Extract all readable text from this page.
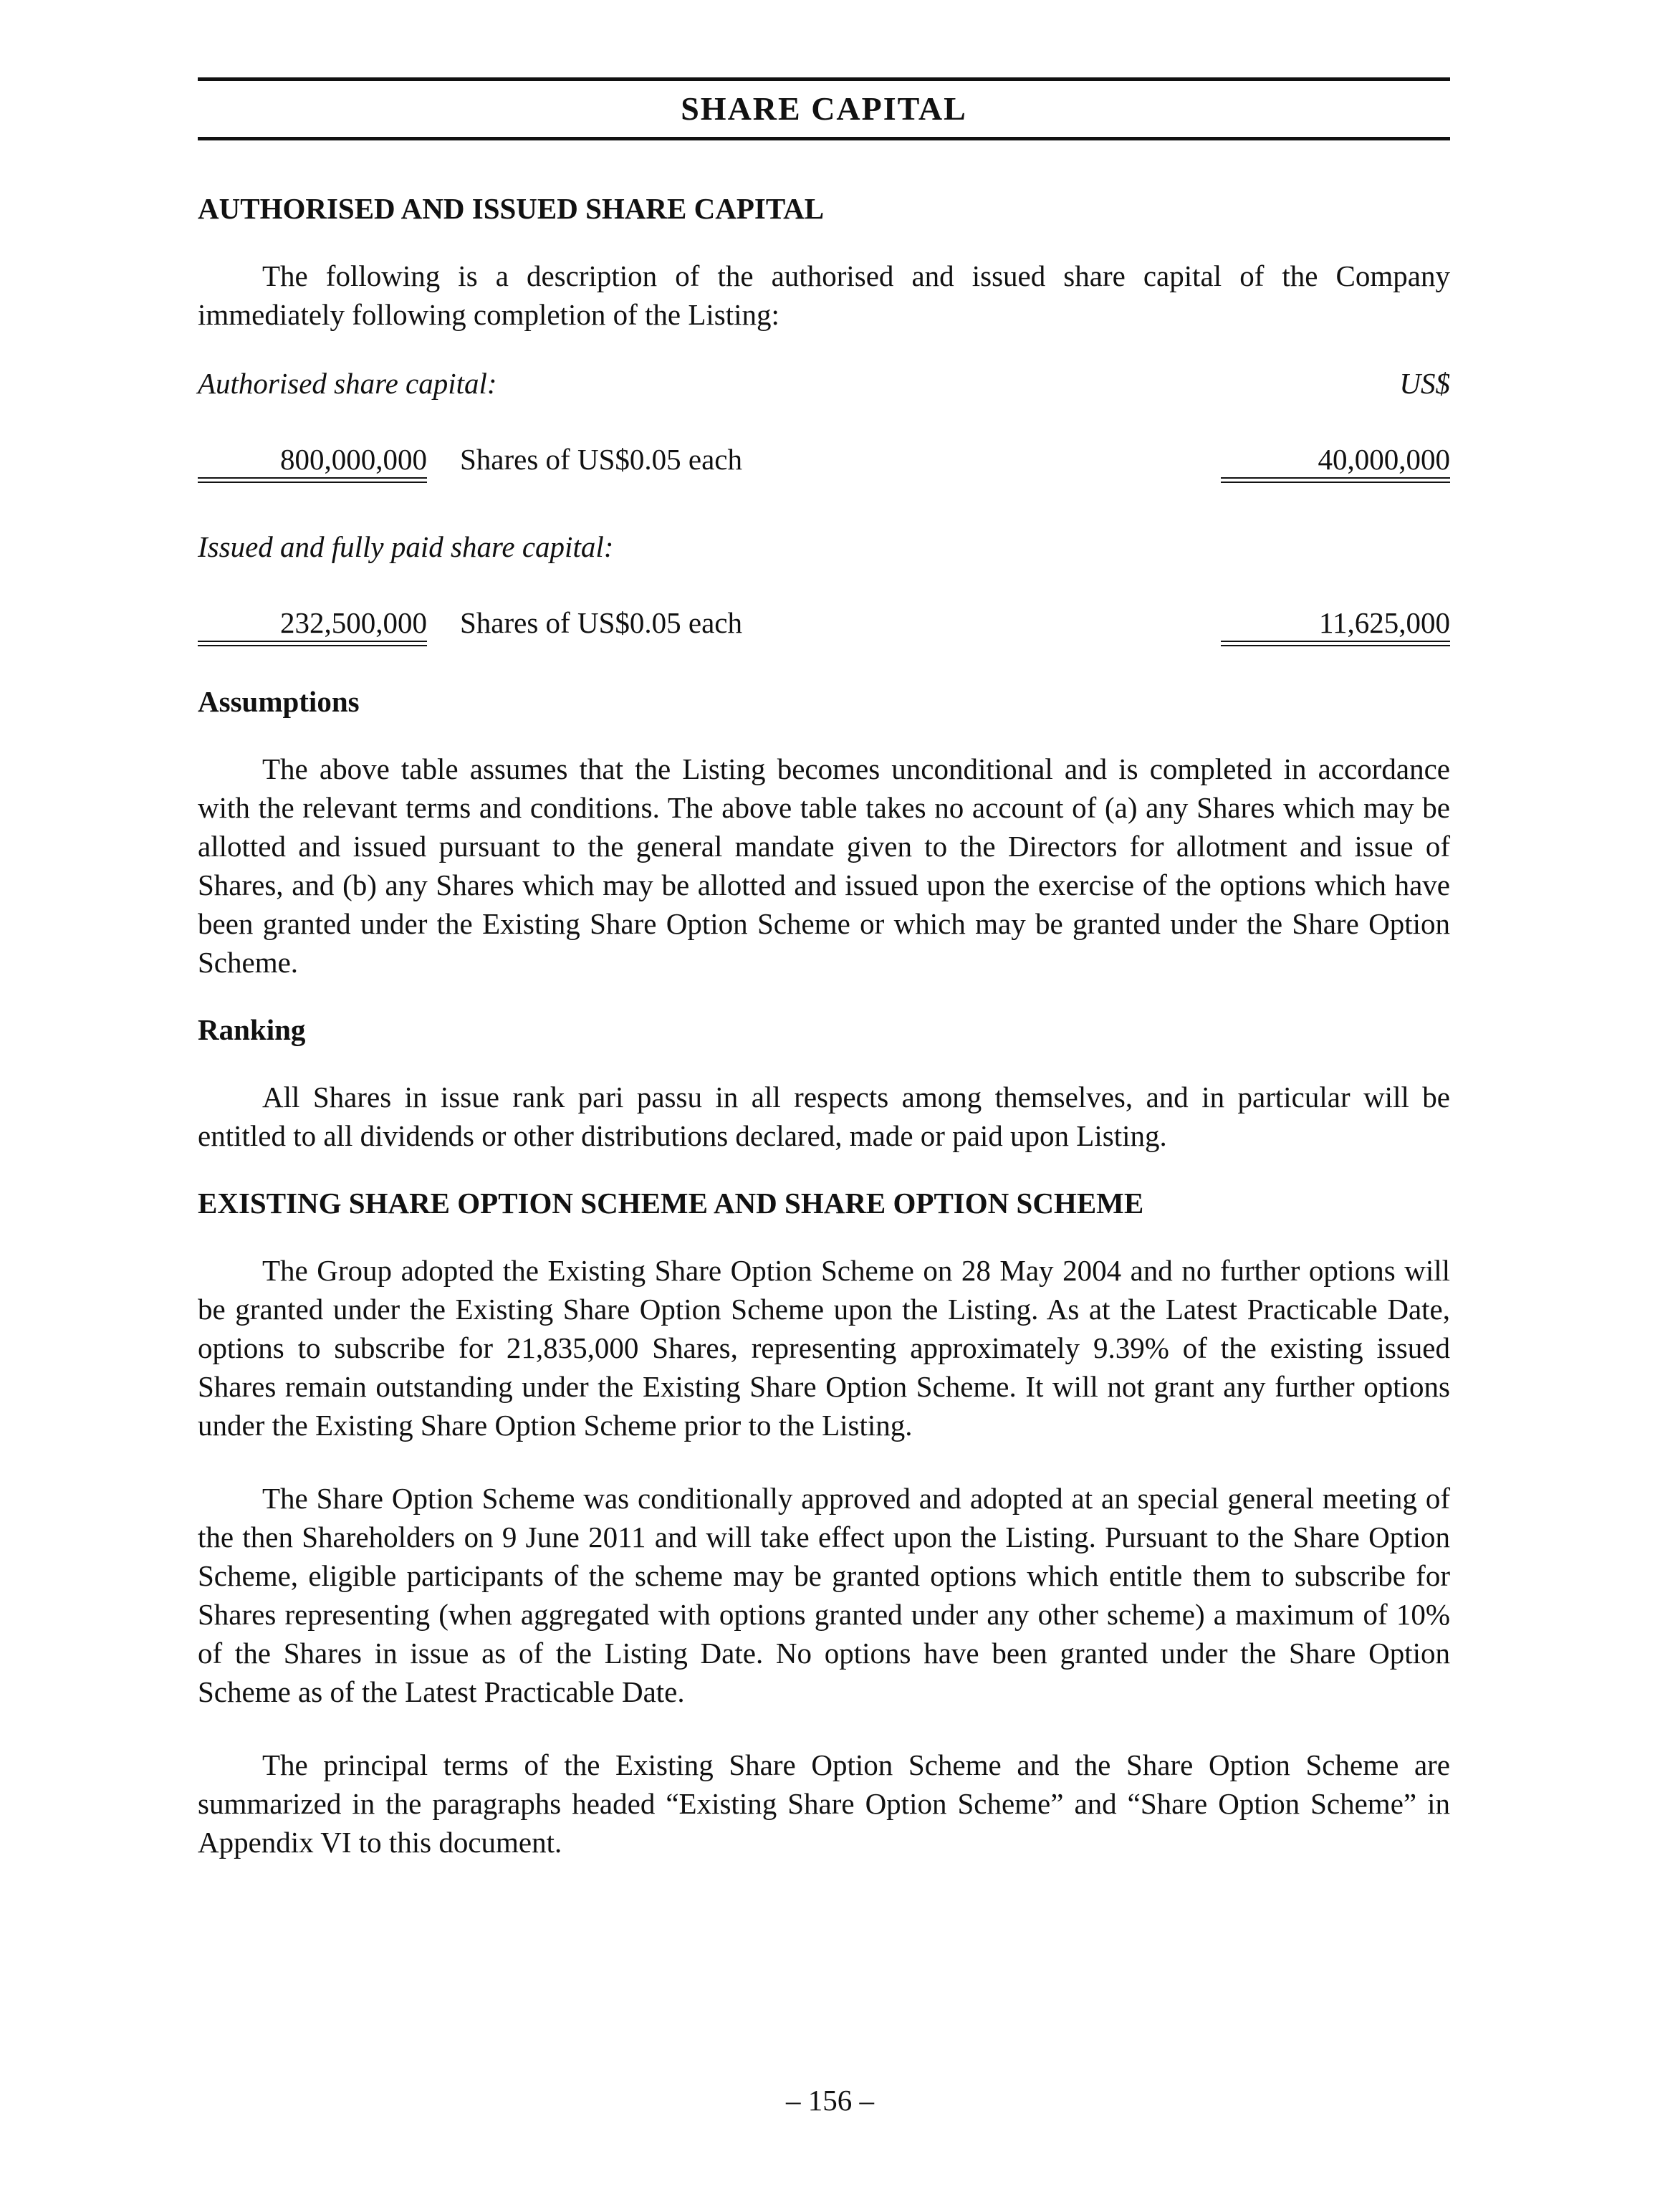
SHARE CAPITAL
AUTHORISED AND ISSUED SHARE CAPITAL

The following is a description of the authorised and issued share capital of the Company immediately following completion of the Listing:

Authorised share capital:	US$
800,000,000 Shares of US$0.05 each	40,000,000
Issued and fully paid share capital:
232,500,000 Shares of US$0.05 each	11,625,000
Assumptions

The above table assumes that the Listing becomes unconditional and is completed in accordance with the relevant terms and conditions. The above table takes no account of (a) any Shares which may be allotted and issued pursuant to the general mandate given to the Directors for allotment and issue of Shares, and (b) any Shares which may be allotted and issued upon the exercise of the options which have been granted under the Existing Share Option Scheme or which may be granted under the Share Option Scheme.

Ranking

All Shares in issue rank pari passu in all respects among themselves, and in particular will be entitled to all dividends or other distributions declared, made or paid upon Listing.

EXISTING SHARE OPTION SCHEME AND SHARE OPTION SCHEME

The Group adopted the Existing Share Option Scheme on 28 May 2004 and no further options will be granted under the Existing Share Option Scheme upon the Listing. As at the Latest Practicable Date, options to subscribe for 21,835,000 Shares, representing approximately 9.39% of the existing issued Shares remain outstanding under the Existing Share Option Scheme. It will not grant any further options under the Existing Share Option Scheme prior to the Listing.

The Share Option Scheme was conditionally approved and adopted at an special general meeting of the then Shareholders on 9 June 2011 and will take effect upon the Listing. Pursuant to the Share Option Scheme, eligible participants of the scheme may be granted options which entitle them to subscribe for Shares representing (when aggregated with options granted under any other scheme) a maximum of 10% of the Shares in issue as of the Listing Date. No options have been granted under the Share Option Scheme as of the Latest Practicable Date.

The principal terms of the Existing Share Option Scheme and the Share Option Scheme are summarized in the paragraphs headed “Existing Share Option Scheme” and “Share Option Scheme” in Appendix VI to this document.

– 156 –
